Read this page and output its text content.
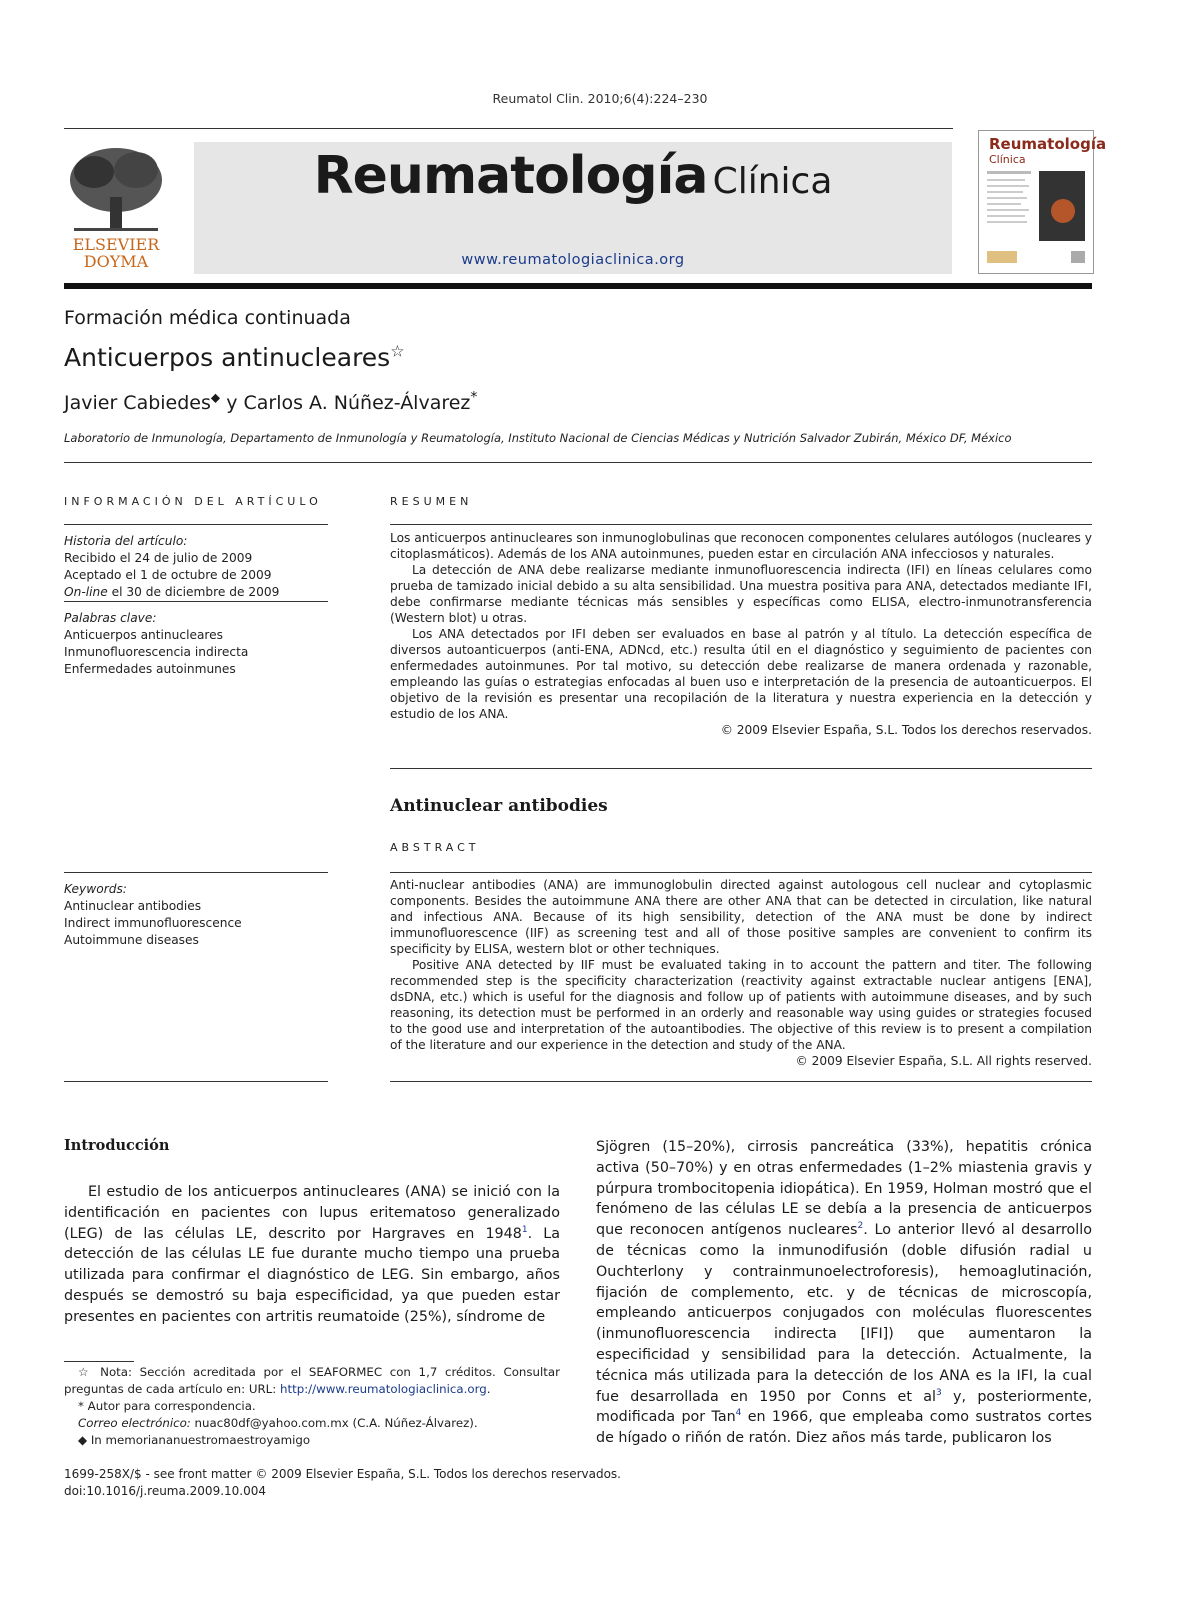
Reumatol Clin. 2010;6(4):224–230
ELSEVIER
DOYMA
Reumatología Clínica
www.reumatologiaclinica.org
Reumatología
Clínica
Formación médica continuada
Anticuerpos antinucleares☆
Javier Cabiedes◆ y Carlos A. Núñez-Álvarez*
Laboratorio de Inmunología, Departamento de Inmunología y Reumatología, Instituto Nacional de Ciencias Médicas y Nutrición Salvador Zubirán, México DF, México
INFORMACIÓN DEL ARTÍCULO
Historia del artículo:
Recibido el 24 de julio de 2009
Aceptado el 1 de octubre de 2009
On-line el 30 de diciembre de 2009
Palabras clave:
Anticuerpos antinucleares
Inmunofluorescencia indirecta
Enfermedades autoinmunes
Keywords:
Antinuclear antibodies
Indirect immunofluorescence
Autoimmune diseases
RESUMEN

Los anticuerpos antinucleares son inmunoglobulinas que reconocen componentes celulares autólogos (nucleares y citoplasmáticos). Además de los ANA autoinmunes, pueden estar en circulación ANA infecciosos y naturales.

La detección de ANA debe realizarse mediante inmunofluorescencia indirecta (IFI) en líneas celulares como prueba de tamizado inicial debido a su alta sensibilidad. Una muestra positiva para ANA, detectados mediante IFI, debe confirmarse mediante técnicas más sensibles y específicas como ELISA, electro-inmunotransferencia (Western blot) u otras.

Los ANA detectados por IFI deben ser evaluados en base al patrón y al título. La detección específica de diversos autoanticuerpos (anti-ENA, ADNcd, etc.) resulta útil en el diagnóstico y seguimiento de pacientes con enfermedades autoinmunes. Por tal motivo, su detección debe realizarse de manera ordenada y razonable, empleando las guías o estrategias enfocadas al buen uso e interpretación de la presencia de autoanticuerpos. El objetivo de la revisión es presentar una recopilación de la literatura y nuestra experiencia en la detección y estudio de los ANA.

© 2009 Elsevier España, S.L. Todos los derechos reservados.

Antinuclear antibodies
ABSTRACT

Anti-nuclear antibodies (ANA) are immunoglobulin directed against autologous cell nuclear and cytoplasmic components. Besides the autoimmune ANA there are other ANA that can be detected in circulation, like natural and infectious ANA. Because of its high sensibility, detection of the ANA must be done by indirect immunofluorescence (IIF) as screening test and all of those positive samples are convenient to confirm its specificity by ELISA, western blot or other techniques.

Positive ANA detected by IIF must be evaluated taking in to account the pattern and titer. The following recommended step is the specificity characterization (reactivity against extractable nuclear antigens [ENA], dsDNA, etc.) which is useful for the diagnosis and follow up of patients with autoimmune diseases, and by such reasoning, its detection must be performed in an orderly and reasonable way using guides or strategies focused to the good use and interpretation of the autoantibodies. The objective of this review is to present a compilation of the literature and our experience in the detection and study of the ANA.

© 2009 Elsevier España, S.L. All rights reserved.

Introducción

El estudio de los anticuerpos antinucleares (ANA) se inició con la identificación en pacientes con lupus eritematoso generalizado (LEG) de las células LE, descrito por Hargraves en 1948$^1$. La detección de las células LE fue durante mucho tiempo una prueba utilizada para confirmar el diagnóstico de LEG. Sin embargo, años después se demostró su baja especificidad, ya que pueden estar presentes en pacientes con artritis reumatoide (25%), síndrome de

Sjögren (15–20%), cirrosis pancreática (33%), hepatitis crónica activa (50–70%) y en otras enfermedades (1–2% miastenia gravis y púrpura trombocitopenia idiopática). En 1959, Holman mostró que el fenómeno de las células LE se debía a la presencia de anticuerpos que reconocen antígenos nucleares$^2$. Lo anterior llevó al desarrollo de técnicas como la inmunodifusión (doble difusión radial u Ouchterlony y contrainmunoelectroforesis), hemoaglutinación, fijación de complemento, etc. y de técnicas de microscopía, empleando anticuerpos conjugados con moléculas fluorescentes (inmunofluorescencia indirecta [IFI]) que aumentaron la especificidad y sensibilidad para la detección. Actualmente, la técnica más utilizada para la detección de los ANA es la IFI, la cual fue desarrollada en 1950 por Conns et $al^3$ y, posteriormente, modificada por Tan$^4$ en 1966, que empleaba como sustratos cortes de hígado o riñón de ratón. Diez años más tarde, publicaron los

☆ Nota: Sección acreditada por el SEAFORMEC con 1,7 créditos. Consultar preguntas de cada artículo en: URL: http://www.reumatologiaclinica.org.

* Autor para correspondencia.

Correo electrónico: nuac80df@yahoo.com.mx (C.A. Núñez-Álvarez).

◆ In memoriananuestromaestroyamigo

1699-258X/$ - see front matter © 2009 Elsevier España, S.L. Todos los derechos reservados.
doi:10.1016/j.reuma.2009.10.004
